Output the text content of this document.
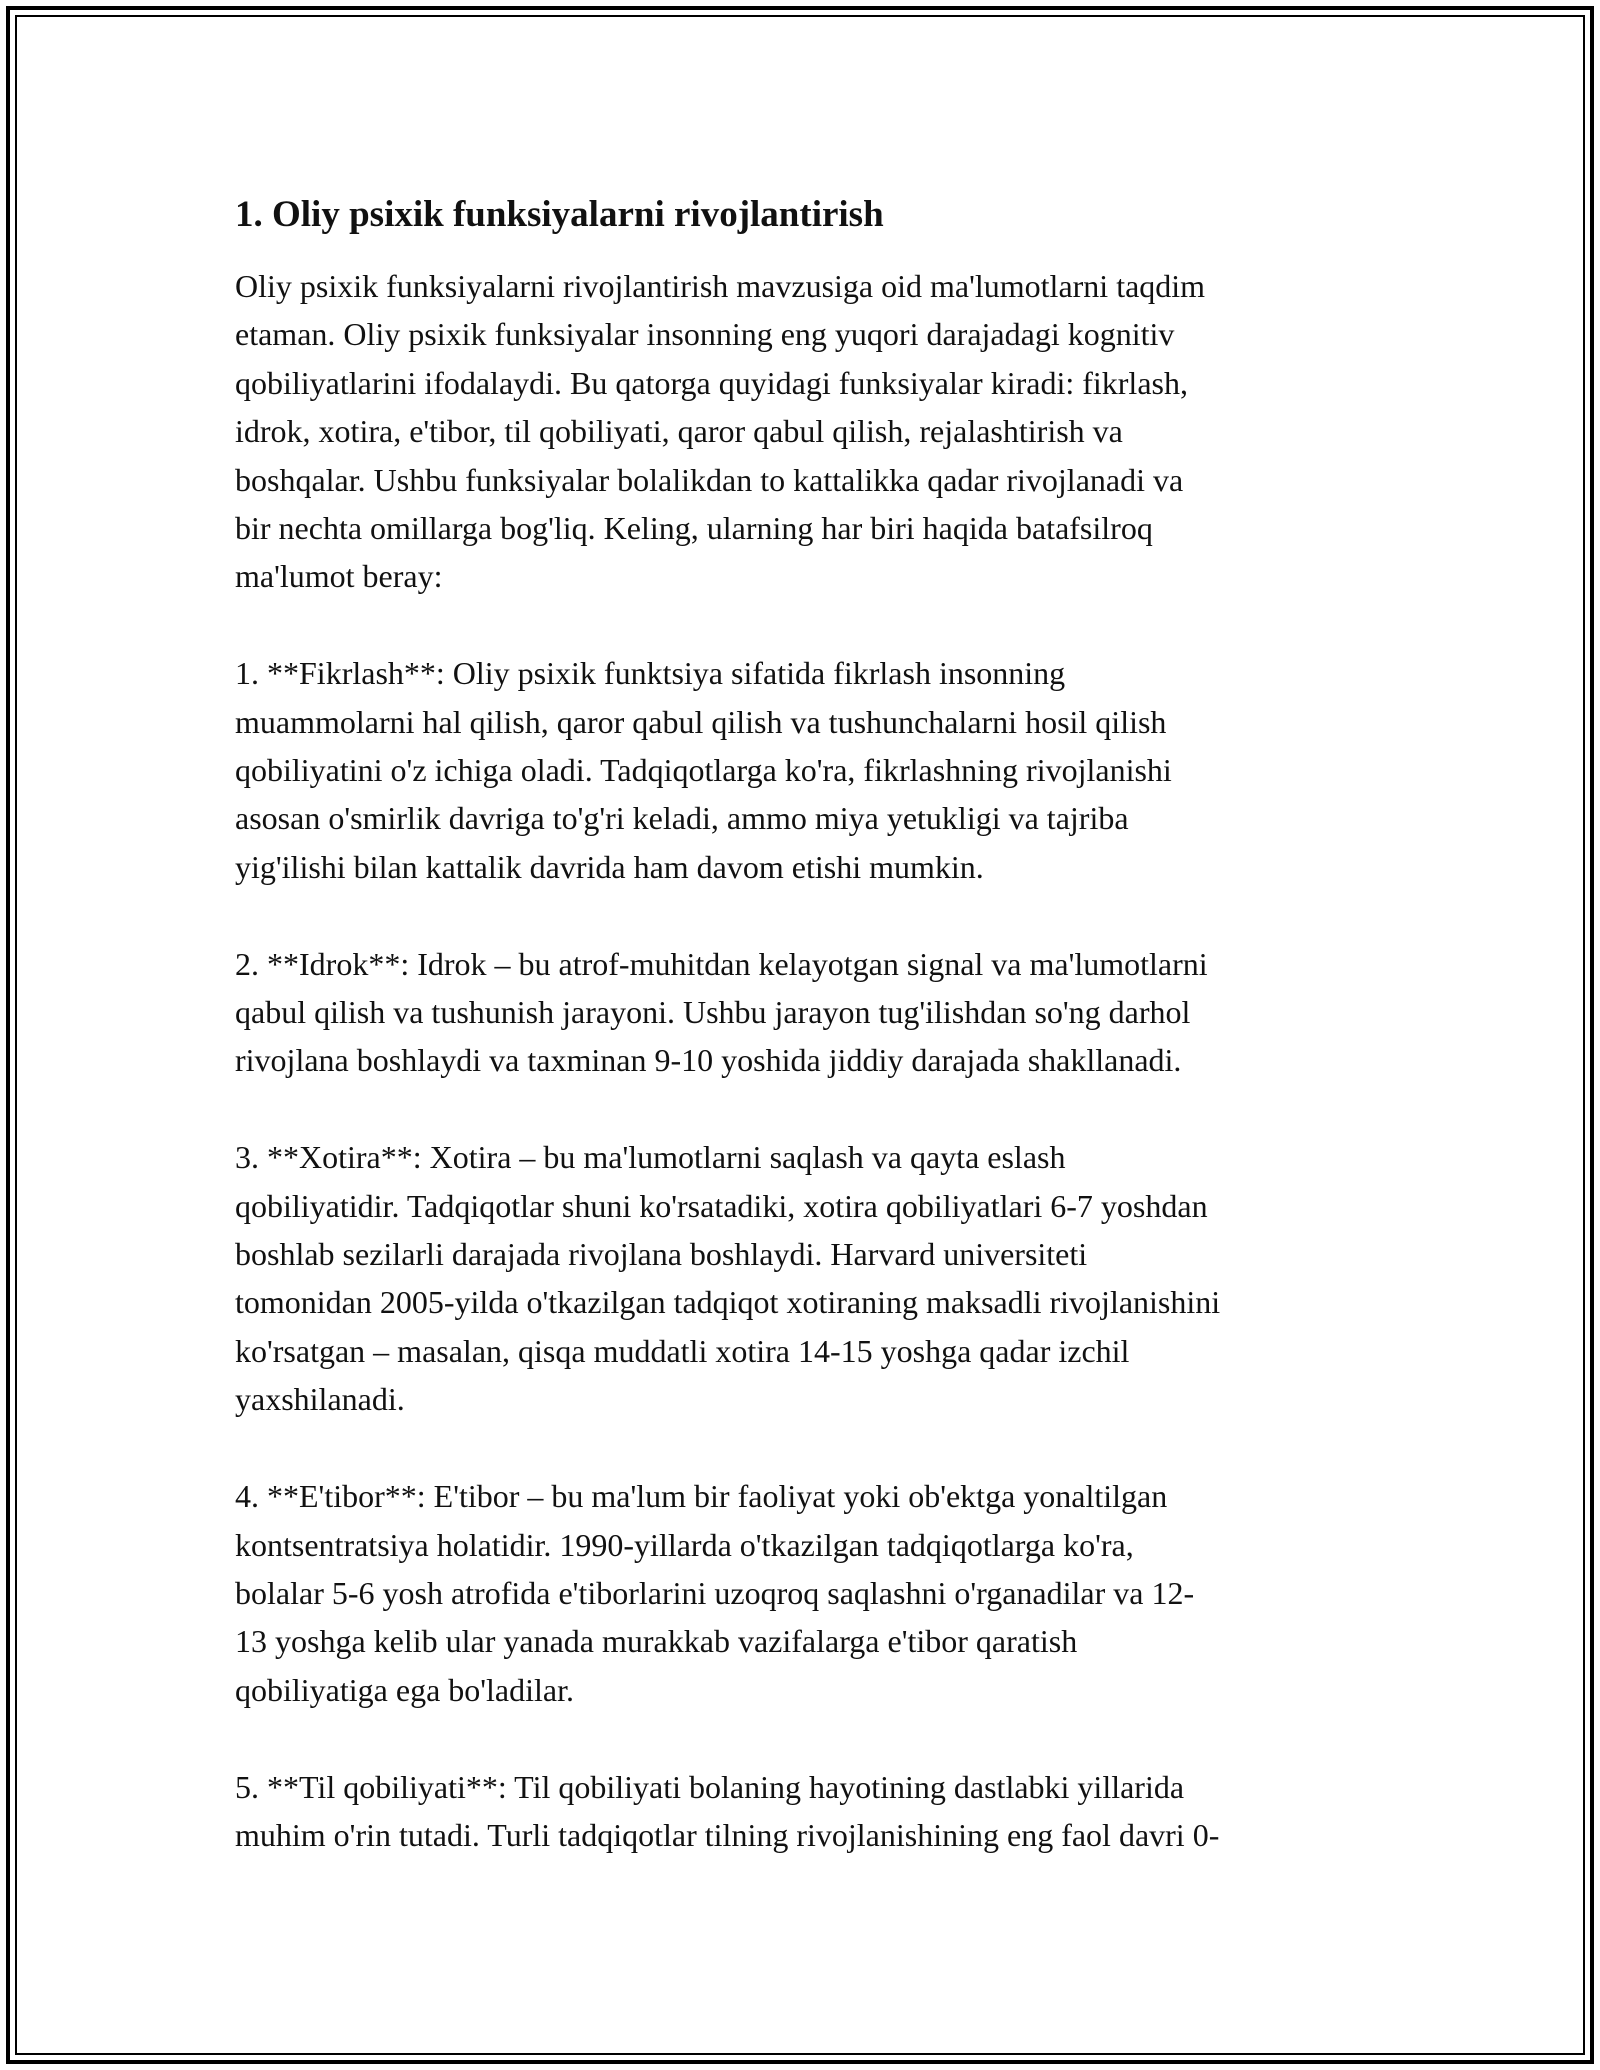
1. Oliy psixik funksiyalarni rivojlantirish
Oliy psixik funksiyalarni rivojlantirish mavzusiga oid ma'lumotlarni taqdim
etaman. Oliy psixik funksiyalar insonning eng yuqori darajadagi kognitiv
qobiliyatlarini ifodalaydi. Bu qatorga quyidagi funksiyalar kiradi: fikrlash,
idrok, xotira, e'tibor, til qobiliyati, qaror qabul qilish, rejalashtirish va
boshqalar. Ushbu funksiyalar bolalikdan to kattalikka qadar rivojlanadi va
bir nechta omillarga bog'liq. Keling, ularning har biri haqida batafsilroq
ma'lumot beray:
1. **Fikrlash**: Oliy psixik funktsiya sifatida fikrlash insonning
muammolarni hal qilish, qaror qabul qilish va tushunchalarni hosil qilish
qobiliyatini o'z ichiga oladi. Tadqiqotlarga ko'ra, fikrlashning rivojlanishi
asosan o'smirlik davriga to'g'ri keladi, ammo miya yetukligi va tajriba
yig'ilishi bilan kattalik davrida ham davom etishi mumkin.
2. **Idrok**: Idrok – bu atrof-muhitdan kelayotgan signal va ma'lumotlarni
qabul qilish va tushunish jarayoni. Ushbu jarayon tug'ilishdan so'ng darhol
rivojlana boshlaydi va taxminan 9-10 yoshida jiddiy darajada shakllanadi.
3. **Xotira**: Xotira – bu ma'lumotlarni saqlash va qayta eslash
qobiliyatidir. Tadqiqotlar shuni ko'rsatadiki, xotira qobiliyatlari 6-7 yoshdan
boshlab sezilarli darajada rivojlana boshlaydi. Harvard universiteti
tomonidan 2005-yilda o'tkazilgan tadqiqot xotiraning maksadli rivojlanishini
ko'rsatgan – masalan, qisqa muddatli xotira 14-15 yoshga qadar izchil
yaxshilanadi.
4. **E'tibor**: E'tibor – bu ma'lum bir faoliyat yoki ob'ektga yonaltilgan
kontsentratsiya holatidir. 1990-yillarda o'tkazilgan tadqiqotlarga ko'ra,
bolalar 5-6 yosh atrofida e'tiborlarini uzoqroq saqlashni o'rganadilar va 12-
13 yoshga kelib ular yanada murakkab vazifalarga e'tibor qaratish
qobiliyatiga ega bo'ladilar.
5. **Til qobiliyati**: Til qobiliyati bolaning hayotining dastlabki yillarida
muhim o'rin tutadi. Turli tadqiqotlar tilning rivojlanishining eng faol davri 0-
